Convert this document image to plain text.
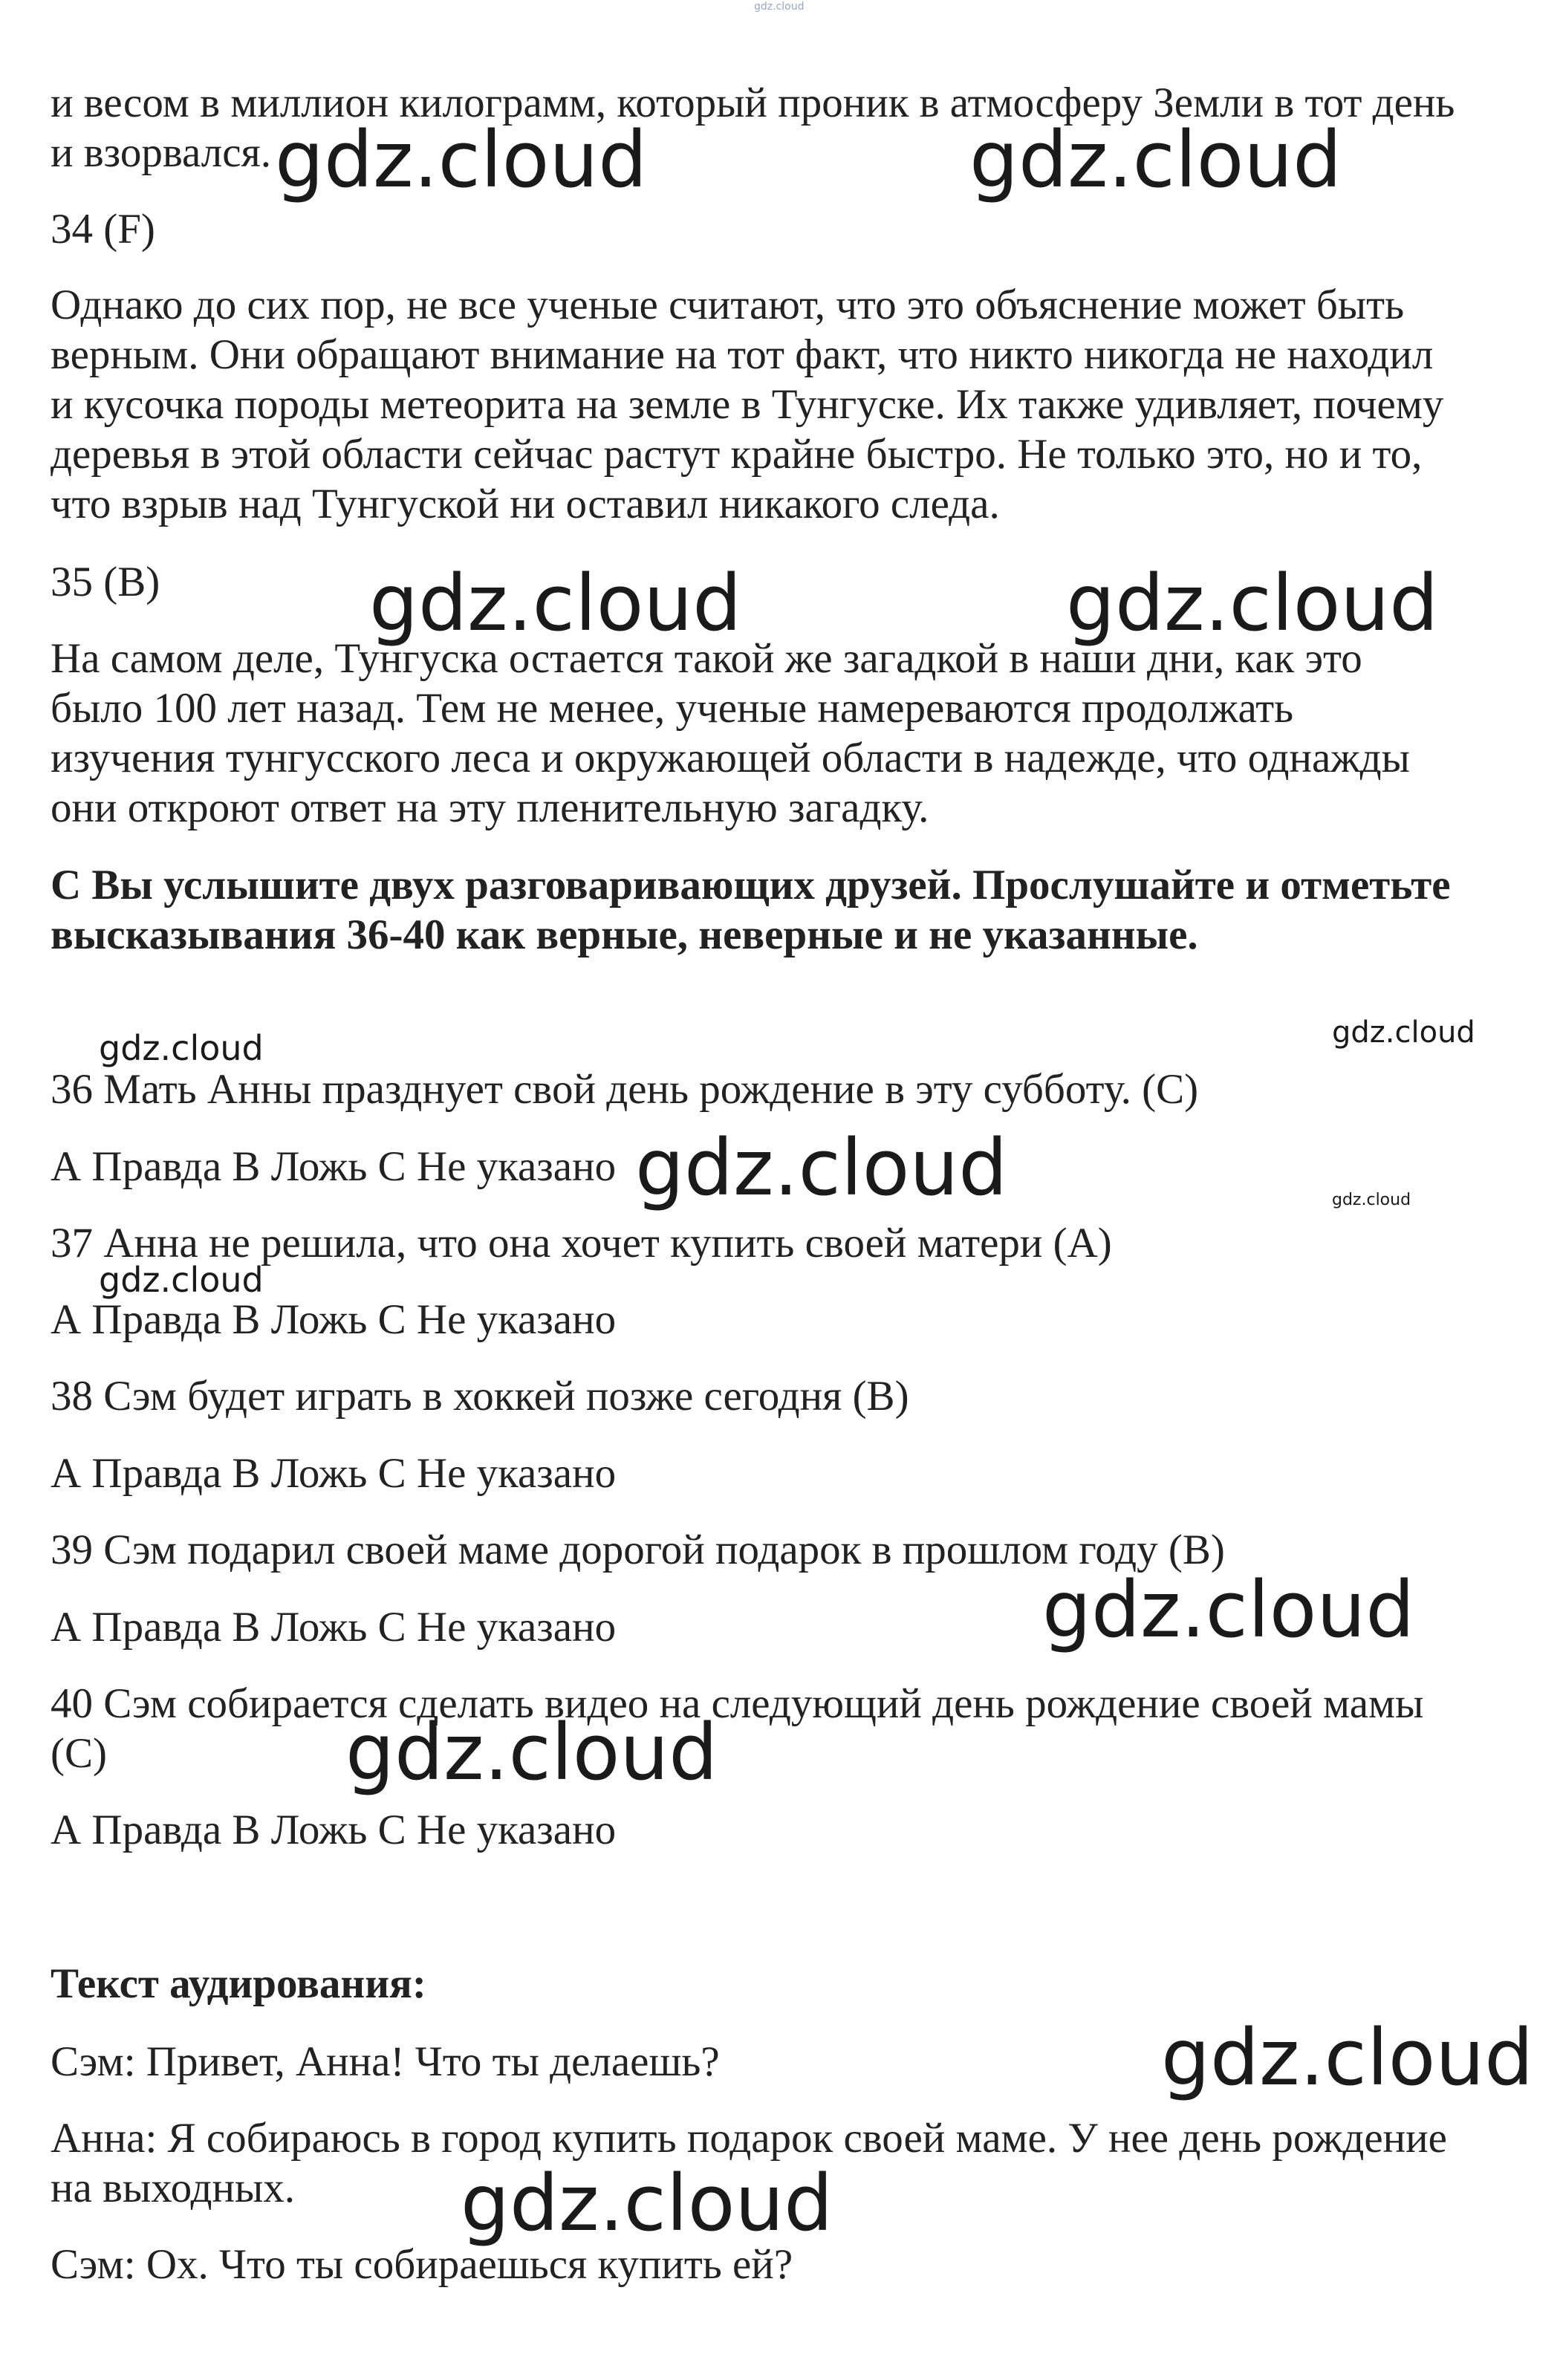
gdz.cloud
и весом в миллион килограмм, который проник в атмосферу Земли в тот день
и взорвался.
34 (F)
Однако до сих пор, не все ученые считают, что это объяснение может быть
верным. Они обращают внимание на тот факт, что никто никогда не находил
и кусочка породы метеорита на земле в Тунгуске. Их также удивляет, почему
деревья в этой области сейчас растут крайне быстро. Не только это, но и то,
что взрыв над Тунгуской ни оставил никакого следа.
35 (B)
На самом деле, Тунгуска остается такой же загадкой в наши дни, как это
было 100 лет назад. Тем не менее, ученые намереваются продолжать
изучения тунгусского леса и окружающей области в надежде, что однажды
они откроют ответ на эту пленительную загадку.
С Вы услышите двух разговаривающих друзей. Прослушайте и отметьте
высказывания 36-40 как верные, неверные и не указанные.
36 Мать Анны празднует свой день рождение в эту субботу. (С)
А Правда В Ложь С Не указано
37 Анна не решила, что она хочет купить своей матери (А)
А Правда В Ложь С Не указано
38 Сэм будет играть в хоккей позже сегодня (В)
А Правда В Ложь С Не указано
39 Сэм подарил своей маме дорогой подарок в прошлом году (В)
А Правда В Ложь С Не указано
40 Сэм собирается сделать видео на следующий день рождение своей мамы
(С)
А Правда В Ложь С Не указано
Текст аудирования:
Сэм: Привет, Анна! Что ты делаешь?
Анна: Я собираюсь в город купить подарок своей маме. У нее день рождение
на выходных.
Сэм: Ох. Что ты собираешься купить ей?
gdz.cloud	gdz.cloud
gdz.cloud	gdz.cloud
gdz.cloud
gdz.cloud
gdz.cloud	gdz.cloud
gdz.cloud
gdz.cloud
gdz.cloud
gdz.cloud
gdz.cloud
